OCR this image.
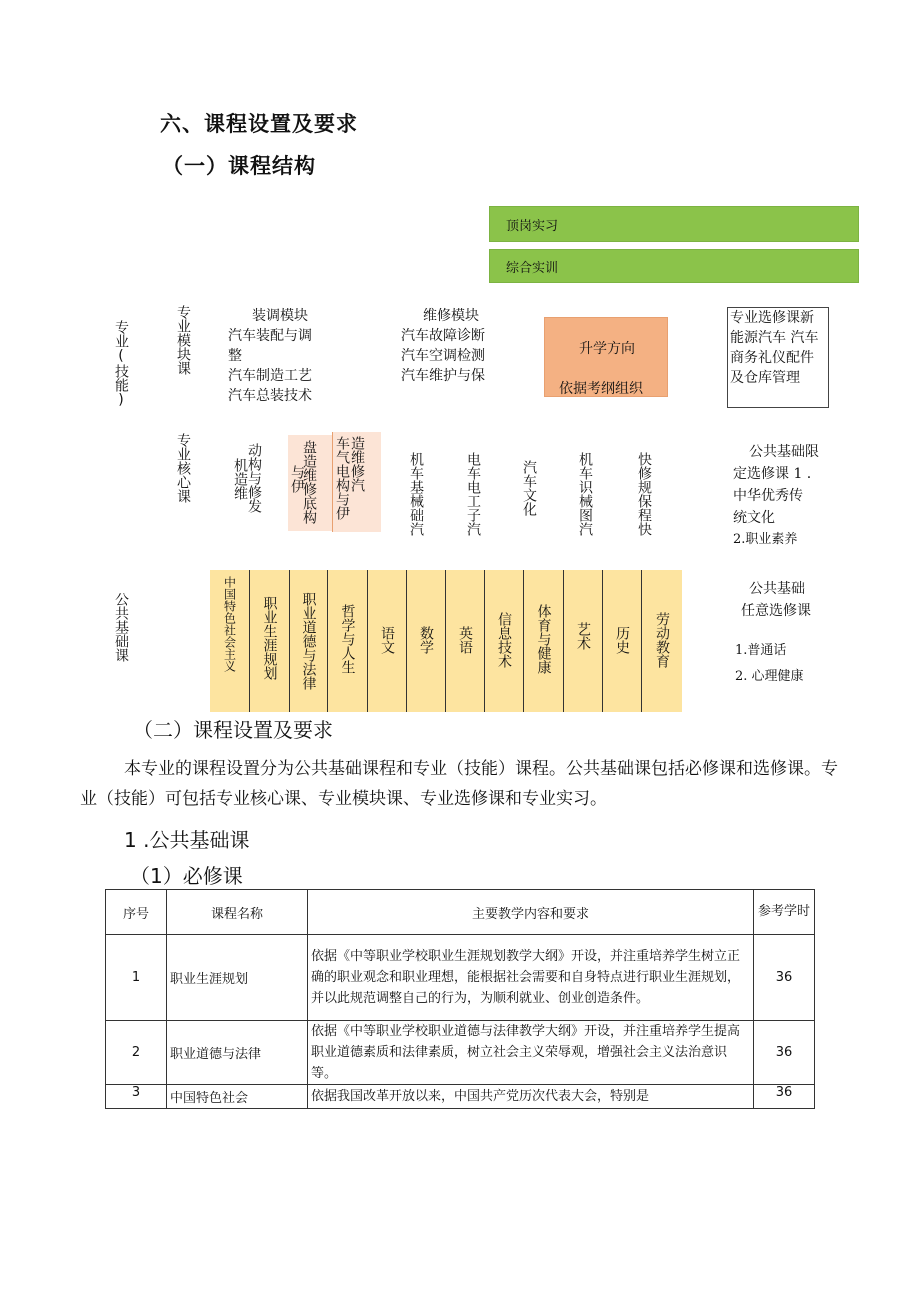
六、课程设置及要求
（一）课程结构
顶岗实习
综合实训
专业(技能)	专业模块课
专业核心课
公共基础课
装调模块
汽车装配与调
整
汽车制造工艺
汽车总装技术
维修模块
汽车故障诊断
汽车空调检测
汽车维护与保
升学方向
依据考纲组织
专业选修课新能源汽车 汽车商务礼仪配件及仓库管理
动构与修发
机造维	与伊
盘造维修底构 车气电构与伊 造维修汽	机车基械础汽	电车电工子汽	汽车文化	机车识械图汽	快修规保程快	公共基础限
定选修课 1 .
中华优秀传
统文化
2.职业素养
中国特色社会主义 职业生涯规划 职业道德与法律 哲学与人生 语文 数学 英语 信息技术 体育与健康 艺术 历史 劳动教育
公共基础
任意选修课
1.普通话
2. 心理健康
（二）课程设置及要求
本专业的课程设置分为公共基础课程和专业（技能）课程。公共基础课包括必修课和选修课。专业（技能）可包括专业核心课、专业模块课、专业选修课和专业实习。
1 .公共基础课
（1）必修课
序号	课程名称	主要教学内容和要求	参考学时
1	职业生涯规划	依据《中等职业学校职业生涯规划教学大纲》开设，并注重培养学生树立正确的职业观念和职业理想，能根据社会需要和自身特点进行职业生涯规划，并以此规范调整自己的行为，为顺利就业、创业创造条件。	36
2	职业道德与法律	依据《中等职业学校职业道德与法律教学大纲》开设，并注重培养学生提高职业道德素质和法律素质，树立社会主义荣辱观，增强社会主义法治意识等。	36
3	中国特色社会	依据我国改革开放以来，中国共产党历次代表大会，特别是	36
